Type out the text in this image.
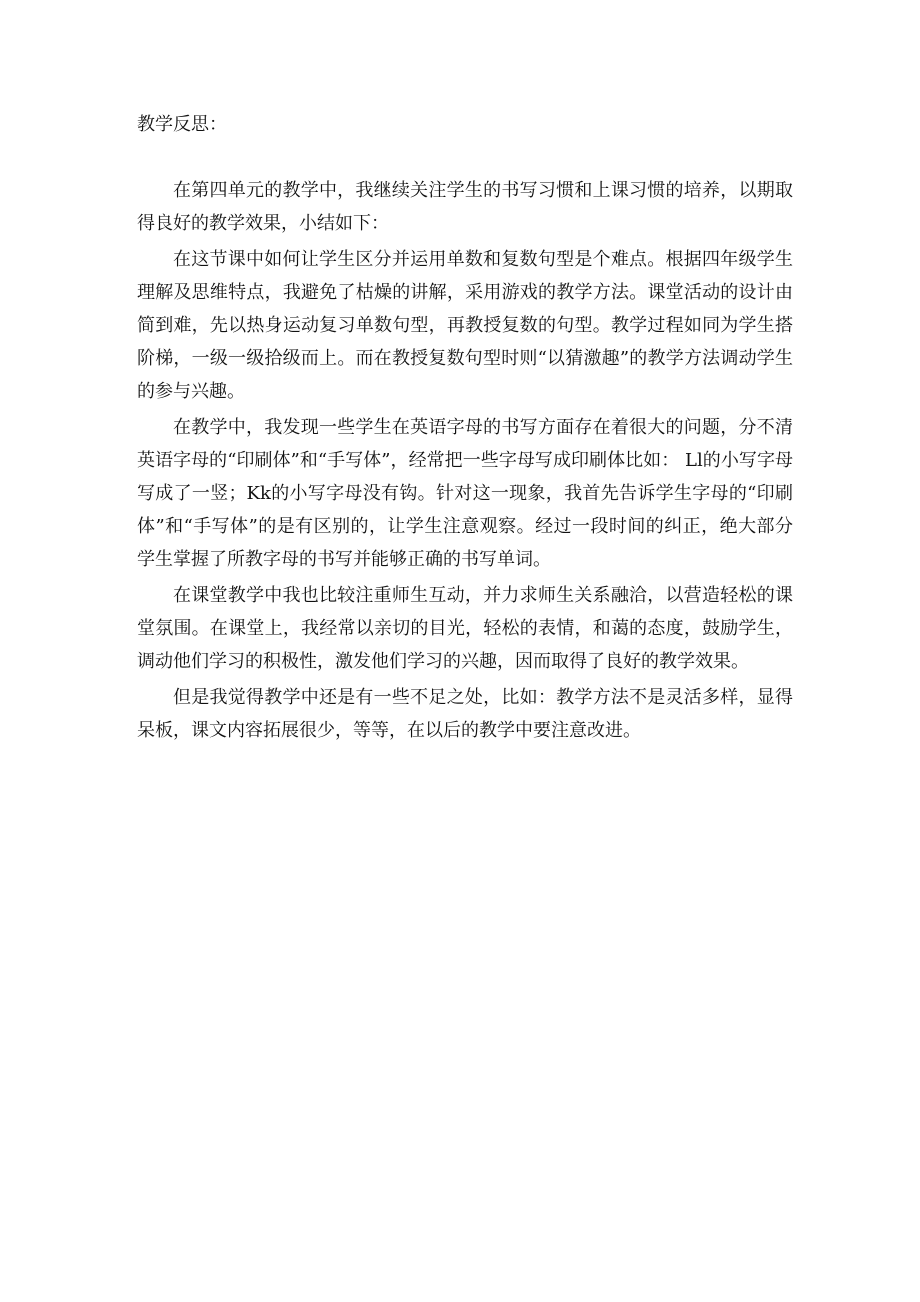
教学反思：

在第四单元的教学中，我继续关注学生的书写习惯和上课习惯的培养，以期取得良好的教学效果，小结如下：

在这节课中如何让学生区分并运用单数和复数句型是个难点。根据四年级学生理解及思维特点，我避免了枯燥的讲解，采用游戏的教学方法。课堂活动的设计由简到难，先以热身运动复习单数句型，再教授复数的句型。教学过程如同为学生搭阶梯，一级一级拾级而上。而在教授复数句型时则“以猜激趣”的教学方法调动学生的参与兴趣。

在教学中，我发现一些学生在英语字母的书写方面存在着很大的问题，分不清英语字母的“印刷体”和“手写体”，经常把一些字母写成印刷体比如： Ll的小写字母写成了一竖；Kk的小写字母没有钩。针对这一现象，我首先告诉学生字母的“印刷体”和“手写体”的是有区别的，让学生注意观察。经过一段时间的纠正，绝大部分学生掌握了所教字母的书写并能够正确的书写单词。

在课堂教学中我也比较注重师生互动，并力求师生关系融洽，以营造轻松的课堂氛围。在课堂上，我经常以亲切的目光，轻松的表情，和蔼的态度，鼓励学生，调动他们学习的积极性，激发他们学习的兴趣，因而取得了良好的教学效果。

但是我觉得教学中还是有一些不足之处，比如：教学方法不是灵活多样，显得呆板，课文内容拓展很少，等等，在以后的教学中要注意改进。
